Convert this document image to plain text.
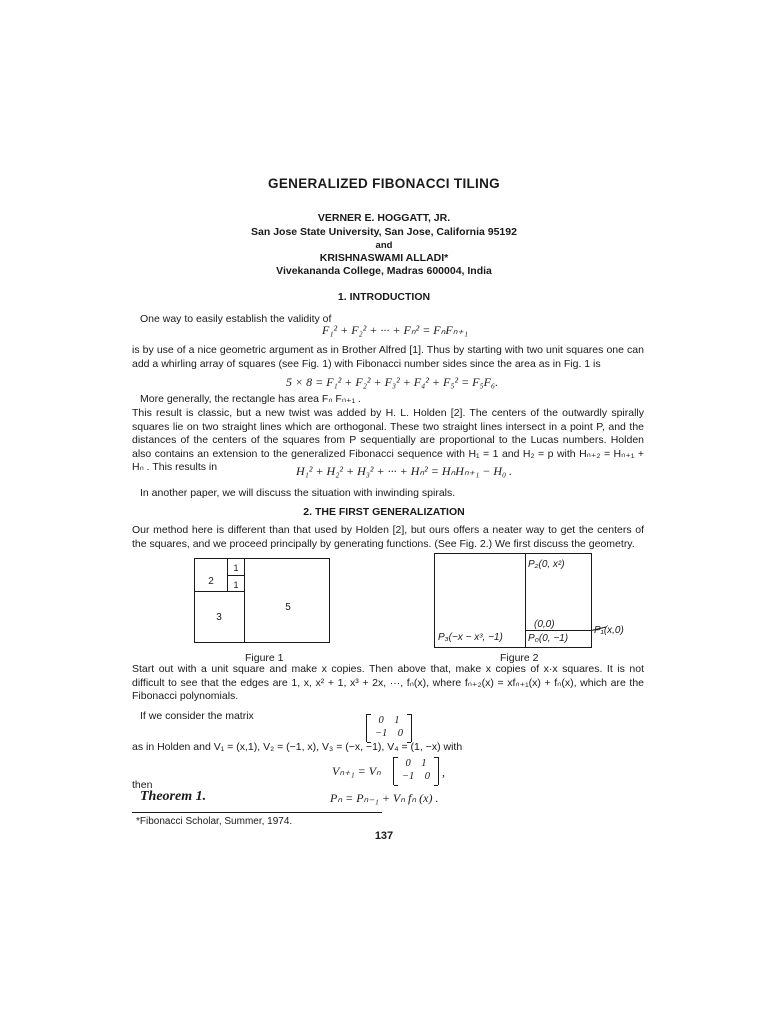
GENERALIZED FIBONACCI TILING
VERNER E. HOGGATT, JR.
San Jose State University, San Jose, California 95192
and
KRISHNASWAMI ALLADI*
Vivekananda College, Madras 600004, India
1. INTRODUCTION
One way to easily establish the validity of
F₁² + F₂² + ··· + Fₙ² = FₙFₙ₊₁
is by use of a nice geometric argument as in Brother Alfred [1]. Thus by starting with two unit squares one can add a whirling array of squares (see Fig. 1) with Fibonacci number sides since the area as in Fig. 1 is
5 × 8 = F₁² + F₂² + F₃² + F₄² + F₅² = F₅F₆.
More generally, the rectangle has area Fₙ Fₙ₊₁ .
This result is classic, but a new twist was added by H. L. Holden [2]. The centers of the outwardly spirally squares lie on two straight lines which are orthogonal. These two straight lines intersect in a point P, and the distances of the centers of the squares from P sequentially are proportional to the Lucas numbers. Holden also contains an extension to the generalized Fibonacci sequence with H₁ = 1 and H₂ = p with Hₙ₊₂ = Hₙ₊₁ + Hₙ . This results in	H₁² + H₂² + H₃² + ··· + Hₙ² = HₙHₙ₊₁ − H₀ .
In another paper, we will discuss the situation with inwinding spirals.
2. THE FIRST GENERALIZATION
Our method here is different than that used by Holden [2], but ours offers a neater way to get the centers of the squares, and we proceed principally by generating functions. (See Fig. 2.) We first discuss the geometry.
1
1
2
3
5
Figure 1
P₂(0, x²)
(0,0)
P₀(0, −1)
P₃(−x − x³, −1)
P₁(x,0)
Figure 2
Start out with a unit square and make x copies. Then above that, make x copies of x·x squares. It is not difficult to see that the edges are 1, x, x² + 1, x³ + 2x, ···, fₙ(x), where fₙ₊₂(x) = xfₙ₊₁(x) + fₙ(x), which are the Fibonacci polynomials.
If we consider the matrix	0    1
−1    0
as in Holden and V₁ = (x,1), V₂ = (−1, x), V₃ = (−x, −1), V₄ = (1, −x) with
Vₙ₊₁ = Vₙ
0    1
−1    0 ,
then
Theorem 1.	Pₙ = Pₙ₋₁ + Vₙ fₙ (x) .
*Fibonacci Scholar, Summer, 1974.
137
